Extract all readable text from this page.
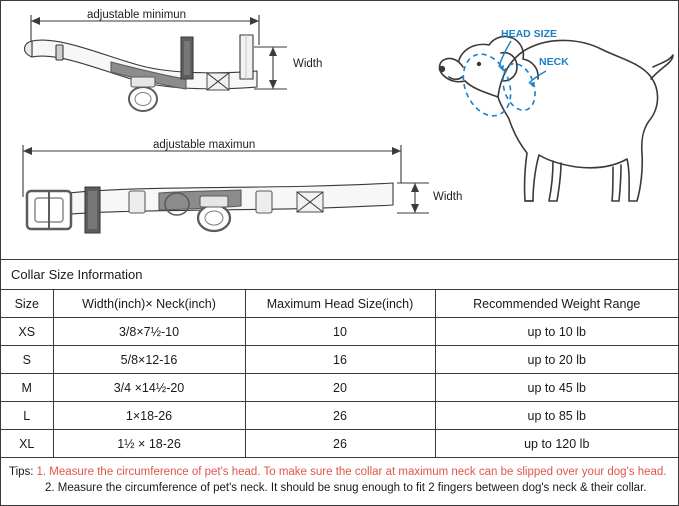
adjustable minimun
Width
adjustable maximun
Width
HEAD SIZE
NECK
Collar Size Information
Size	Width(inch)× Neck(inch)	Maximum Head Size(inch)	Recommended Weight Range
XS	3/8×7½-10	10	up to 10 lb
S	5/8×12-16	16	up to 20 lb
M	3/4 ×14½-20	20	up to 45 lb
L	1×18-26	26	up to 85 lb
XL	1½ × 18-26	26	up to 120 lb
Tips: 1. Measure the circumference of pet's head. To make sure the collar at maximum neck can be slipped over your dog's head.
2. Measure the circumference of pet's neck. It should be snug enough to fit 2 fingers between dog's neck & their collar.
